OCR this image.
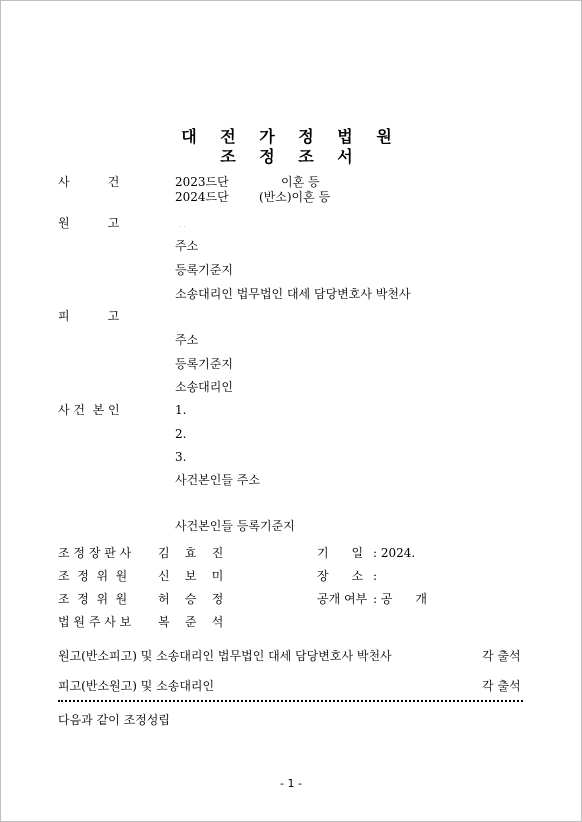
대 전 가 정 법 원
조 정 조 서
사          건	2023드단	이혼 등
2024드단	(반소)이혼 등
원          고	. .
주소
등록기준지
소송대리인 법무법인 대세 담당변호사 박천사
피          고
주소
등록기준지
소송대리인
사 건  본 인	1.
2.
3.
사건본인들 주소
사건본인들 등록기준지
조 정 장 판 사 김    효    진	기      일 : 2024.
조  정  위  원	신    보    미	장      소 :
조  정  위  원	허    승    정	공개 여부 : 공      개
법 원 주 사 보 복    준    석
원고(반소피고) 및 소송대리인 법무법인 대세 담당변호사 박천사	각 출석
피고(반소원고) 및 소송대리인	각 출석
다음과 같이 조정성립
- 1 -
